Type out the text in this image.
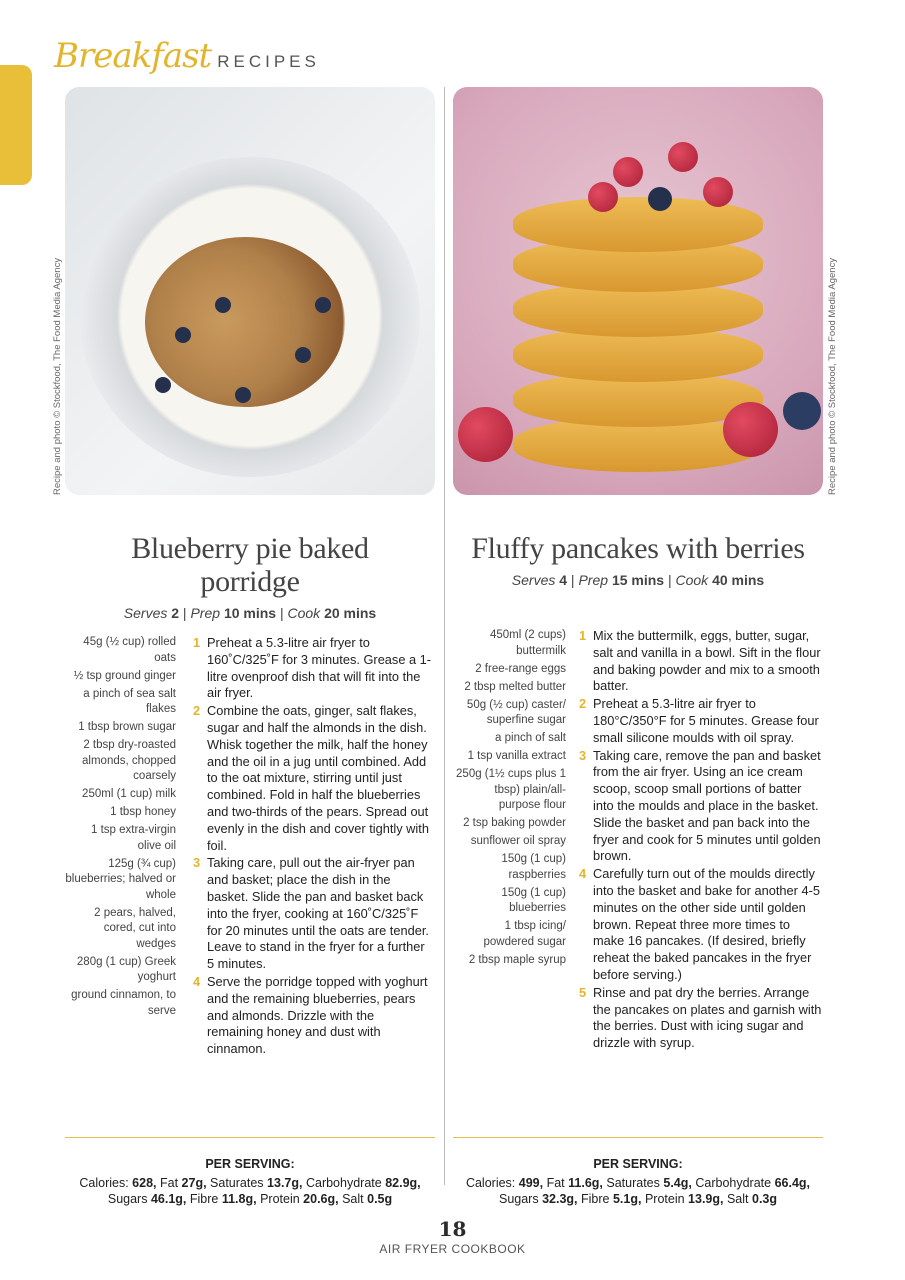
Breakfast RECIPES
Recipe and photo © Stockfood, The Food Media Agency	Recipe and photo © Stockfood, The Food Media Agency
Blueberry pie baked porridge
Serves 2 | Prep 10 mins | Cook 20 mins
45g (½ cup) rolled oats
½ tsp ground ginger
a pinch of sea salt flakes
1 tbsp brown sugar
2 tbsp dry-roasted almonds, chopped coarsely
250ml (1 cup) milk
1 tbsp honey
1 tsp extra-virgin olive oil
125g (¾ cup) blueberries; halved or whole
2 pears, halved, cored, cut into wedges
280g (1 cup) Greek yoghurt
ground cinnamon, to serve
1 Preheat a 5.3-litre air fryer to 160˚C/325˚F for 3 minutes. Grease a 1-litre ovenproof dish that will fit into the air fryer.
2 Combine the oats, ginger, salt flakes, sugar and half the almonds in the dish. Whisk together the milk, half the honey and the oil in a jug until combined. Add to the oat mixture, stirring until just combined. Fold in half the blueberries and two-thirds of the pears. Spread out evenly in the dish and cover tightly with foil.
3 Taking care, pull out the air-fryer pan and basket; place the dish in the basket. Slide the pan and basket back into the fryer, cooking at 160˚C/325˚F for 20 minutes until the oats are tender. Leave to stand in the fryer for a further 5 minutes.
4 Serve the porridge topped with yoghurt and the remaining blueberries, pears and almonds. Drizzle with the remaining honey and dust with cinnamon.
PER SERVING:
Calories: 628, Fat 27g, Saturates 13.7g, Carbohydrate 82.9g,
Sugars 46.1g, Fibre 11.8g, Protein 20.6g, Salt 0.5g
Fluffy pancakes with berries
Serves 4 | Prep 15 mins | Cook 40 mins
450ml (2 cups) buttermilk
2 free-range eggs
2 tbsp melted butter
50g (½ cup) caster/ superfine sugar
a pinch of salt
1 tsp vanilla extract
250g (1½ cups plus 1 tbsp) plain/all-purpose flour
2 tsp baking powder
sunflower oil spray
150g (1 cup) raspberries
150g (1 cup) blueberries
1 tbsp icing/ powdered sugar
2 tbsp maple syrup
1 Mix the buttermilk, eggs, butter, sugar, salt and vanilla in a bowl. Sift in the flour and baking powder and mix to a smooth batter.
2 Preheat a 5.3-litre air fryer to 180°C/350°F for 5 minutes. Grease four small silicone moulds with oil spray.
3 Taking care, remove the pan and basket from the air fryer. Using an ice cream scoop, scoop small portions of batter into the moulds and place in the basket. Slide the basket and pan back into the fryer and cook for 5 minutes until golden brown.
4 Carefully turn out of the moulds directly into the basket and bake for another 4-5 minutes on the other side until golden brown. Repeat three more times to make 16 pancakes. (If desired, briefly reheat the baked pancakes in the fryer before serving.)
5 Rinse and pat dry the berries. Arrange the pancakes on plates and garnish with the berries. Dust with icing sugar and drizzle with syrup.
PER SERVING:
Calories: 499, Fat 11.6g, Saturates 5.4g, Carbohydrate 66.4g,
Sugars 32.3g, Fibre 5.1g, Protein 13.9g, Salt 0.3g
18
AIR FRYER COOKBOOK
